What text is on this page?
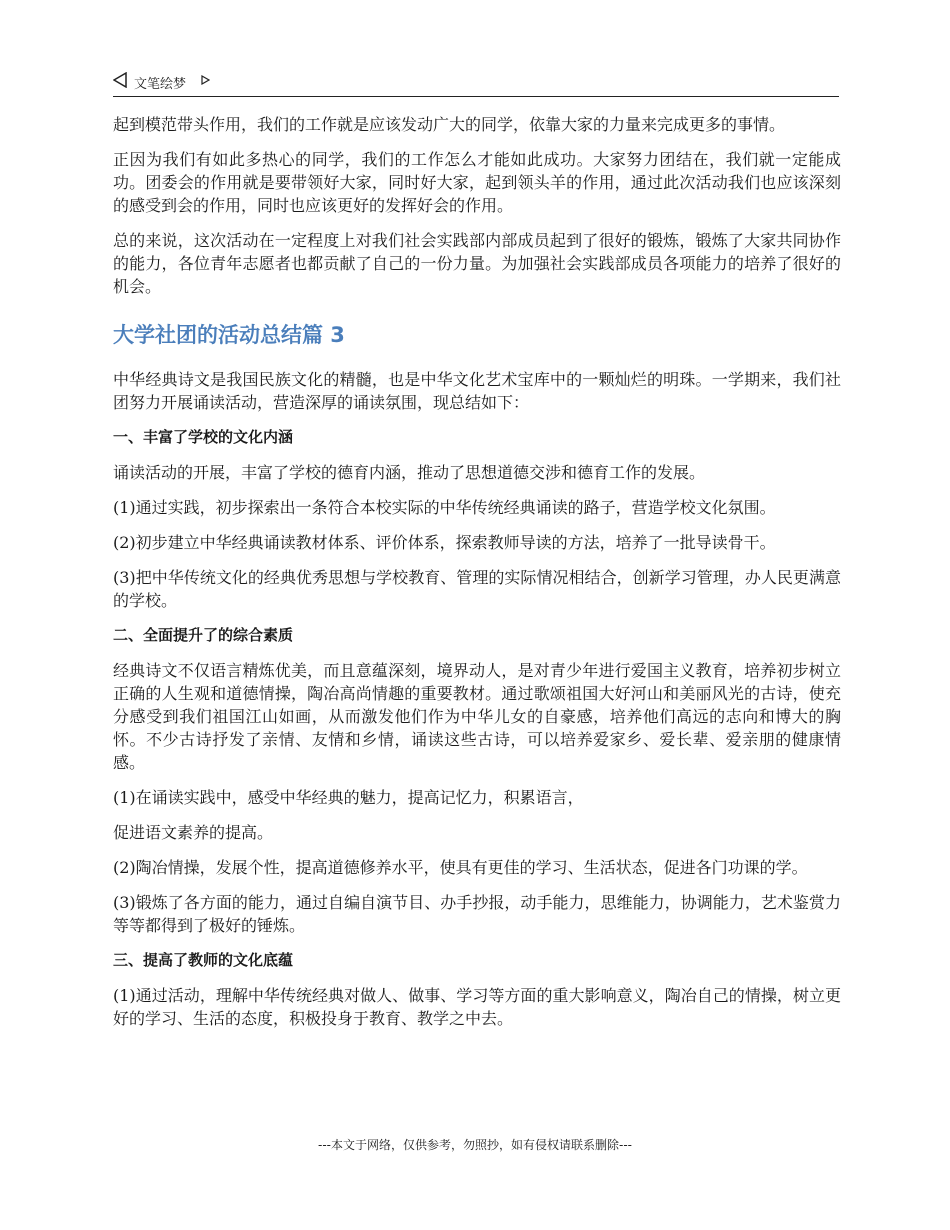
文笔绘梦

起到模范带头作用，我们的工作就是应该发动广大的同学，依靠大家的力量来完成更多的事情。

正因为我们有如此多热心的同学，我们的工作怎么才能如此成功。大家努力团结在，我们就一定能成功。团委会的作用就是要带领好大家，同时好大家，起到领头羊的作用，通过此次活动我们也应该深刻的感受到会的作用，同时也应该更好的发挥好会的作用。

总的来说，这次活动在一定程度上对我们社会实践部内部成员起到了很好的锻炼，锻炼了大家共同协作的能力，各位青年志愿者也都贡献了自己的一份力量。为加强社会实践部成员各项能力的培养了很好的机会。

大学社团的活动总结篇 3

中华经典诗文是我国民族文化的精髓，也是中华文化艺术宝库中的一颗灿烂的明珠。一学期来，我们社团努力开展诵读活动，营造深厚的诵读氛围，现总结如下：

一、丰富了学校的文化内涵

诵读活动的开展，丰富了学校的德育内涵，推动了思想道德交涉和德育工作的发展。

(1)通过实践，初步探索出一条符合本校实际的中华传统经典诵读的路子，营造学校文化氛围。

(2)初步建立中华经典诵读教材体系、评价体系，探索教师导读的方法，培养了一批导读骨干。

(3)把中华传统文化的经典优秀思想与学校教育、管理的实际情况相结合，创新学习管理，办人民更满意的学校。

二、全面提升了的综合素质

经典诗文不仅语言精炼优美，而且意蕴深刻，境界动人，是对青少年进行爱国主义教育，培养初步树立正确的人生观和道德情操，陶冶高尚情趣的重要教材。通过歌颂祖国大好河山和美丽风光的古诗，使充分感受到我们祖国江山如画，从而激发他们作为中华儿女的自豪感，培养他们高远的志向和博大的胸怀。不少古诗抒发了亲情、友情和乡情，诵读这些古诗，可以培养爱家乡、爱长辈、爱亲朋的健康情感。

(1)在诵读实践中，感受中华经典的魅力，提高记忆力，积累语言，

促进语文素养的提高。

(2)陶冶情操，发展个性，提高道德修养水平，使具有更佳的学习、生活状态，促进各门功课的学。

(3)锻炼了各方面的能力，通过自编自演节目、办手抄报，动手能力，思维能力，协调能力，艺术鉴赏力等等都得到了极好的锤炼。

三、提高了教师的文化底蕴

(1)通过活动，理解中华传统经典对做人、做事、学习等方面的重大影响意义，陶冶自己的情操，树立更好的学习、生活的态度，积极投身于教育、教学之中去。

---本文于网络，仅供参考，勿照抄，如有侵权请联系删除---
